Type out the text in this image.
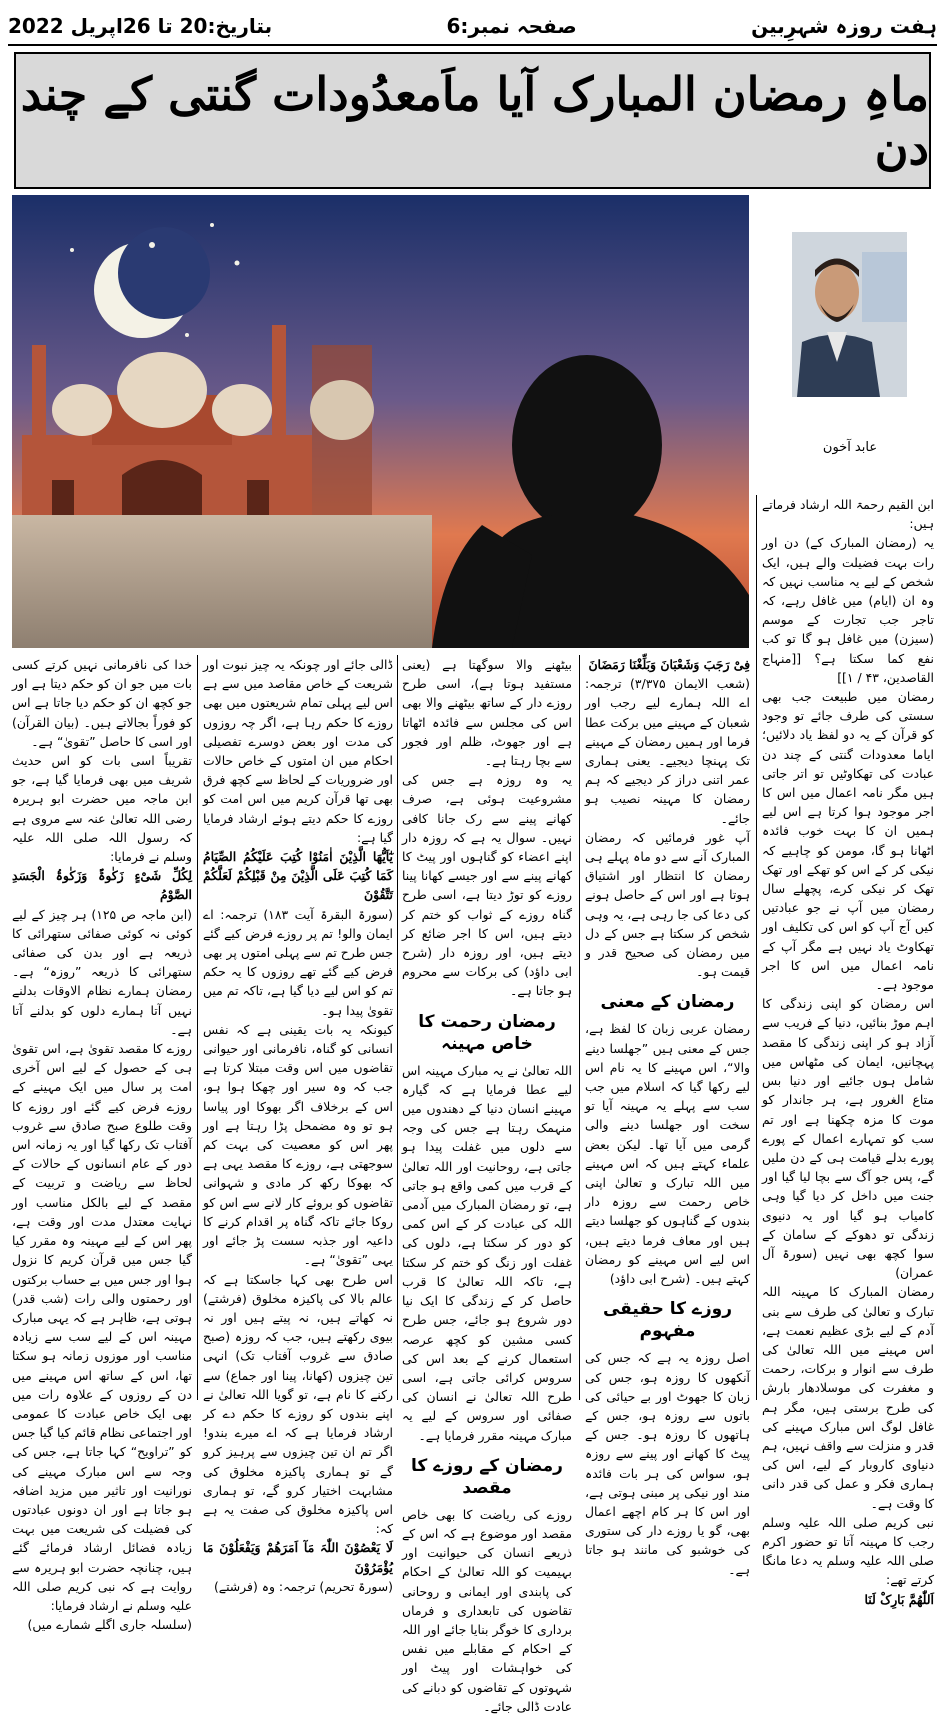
ہفت روزہ شہرِبین
صفحہ نمبر:6
بتاریخ:20 تا 26اپریل 2022
ماہِ رمضان المبارک آیا ماَمعدُودات گنتی کے چند دن
عابد آخون

ابن القیم رحمۃ اللہ ارشاد فرماتے ہیں:

یہ (رمضان المبارک کے) دن اور رات بہت فضیلت والے ہیں، ایک شخص کے لیے یہ مناسب نہیں کہ وہ ان (ایام) میں غافل رہے، کہ تاجر جب تجارت کے موسم (سیزن) میں غافل ہو گا تو کب نفع کما سکتا ہے؟ [[منہاج القاصدین، ۴۳ / ۱]]

رمضان میں طبیعت جب بھی سستی کی طرف جائے تو وجود کو قرآن کے یہ دو لفظ یاد دلائیں؛ ایاما معدودات گنتی کے چند دن عبادت کی تھکاوٹیں تو اتر جاتی ہیں مگر نامہ اعمال میں اس کا اجر موجود ہوا کرتا ہے اس لیے ہمیں ان کا بہت خوب فائدہ اٹھانا ہو گا، مومن کو چاہیے کہ نیکی کر کے اس کو تھکے اور تھک تھک کر نیکی کرے، پچھلے سال رمضان میں آپ نے جو عبادتیں کیں آج آپ کو اس کی تکلیف اور تھکاوٹ یاد نہیں ہے مگر آپ کے نامہ اعمال میں اس کا اجر موجود ہے۔

اس رمضان کو اپنی زندگی کا اہم موڑ بنائیں، دنیا کے فریب سے آزاد ہو کر اپنی زندگی کا مقصد پہچانیں، ایمان کی مٹھاس میں شامل ہوں جائیے اور دنیا بس متاع الغرور ہے، ہر جاندار کو موت کا مزہ چکھنا ہے اور تم سب کو تمہارے اعمال کے پورے پورے بدلے قیامت ہی کے دن ملیں گے، پس جو آگ سے بچا لیا گیا اور جنت میں داخل کر دیا گیا وہی کامیاب ہو گیا اور یہ دنیوی زندگی تو دھوکے کے سامان کے سوا کچھ بھی نہیں (سورۃ آل عمران)

رمضان المبارک کا مہینہ اللہ تبارک و تعالیٰ کی طرف سے بنی آدم کے لیے بڑی عظیم نعمت ہے، اس مہینے میں اللہ تعالیٰ کی طرف سے انوار و برکات، رحمت و مغفرت کی موسلادھار بارش کی طرح برستی ہیں، مگر ہم غافل لوگ اس مبارک مہینے کی قدر و منزلت سے واقف نہیں، ہم دنیاوی کاروبار کے لیے، اس کی ہماری فکر و عمل کی قدر دانی کا وقت ہے۔

نبی کریم صلی اللہ علیہ وسلم رجب کا مہینہ آتا تو حضور اکرم صلی اللہ علیہ وسلم یہ دعا مانگا کرتے تھے:

اَللّٰھُمَّ بَارِکْ لَنَا

فِیْ رَجَبَ وَشَعْبَانَ وَبَلِّغْنَا رَمَضَانَ

(شعب الایمان ۳/۳۷۵) ترجمہ: اے اللہ ہمارے لیے رجب اور شعبان کے مہینے میں برکت عطا فرما اور ہمیں رمضان کے مہینے تک پہنچا دیجیے۔ یعنی ہماری عمر اتنی دراز کر دیجیے کہ ہم رمضان کا مہینہ نصیب ہو جائے۔

آپ غور فرمائیں کہ رمضان المبارک آنے سے دو ماہ پہلے ہی رمضان کا انتظار اور اشتیاق ہوتا ہے اور اس کے حاصل ہونے کی دعا کی جا رہی ہے، یہ وہی شخص کر سکتا ہے جس کے دل میں رمضان کی صحیح قدر و قیمت ہو۔

رمضان کے معنی

رمضان عربی زبان کا لفظ ہے، جس کے معنی ہیں ”جھلسا دینے والا“، اس مہینے کا یہ نام اس لیے رکھا گیا کہ اسلام میں جب سب سے پہلے یہ مہینہ آیا تو سخت اور جھلسا دینے والی گرمی میں آیا تھا۔ لیکن بعض علماء کہتے ہیں کہ اس مہینے میں اللہ تبارک و تعالیٰ اپنی خاص رحمت سے روزہ دار بندوں کے گناہوں کو جھلسا دیتے ہیں اور معاف فرما دیتے ہیں، اس لیے اس مہینے کو رمضان کہتے ہیں۔ (شرح ابی داؤد)

روزے کا حقیقی مفہوم

اصل روزہ یہ ہے کہ جس کی آنکھوں کا روزہ ہو، جس کی زبان کا جھوٹ اور بے حیائی کی باتوں سے روزہ ہو، جس کے ہاتھوں کا روزہ ہو۔ جس کے پیٹ کا کھانے اور پینے سے روزہ ہو، سواس کی ہر بات فائدہ مند اور نیکی پر مبنی ہوتی ہے، اور اس کا ہر کام اچھے اعمال بھی، گو یا روزے دار کی ستوری کی خوشبو کی مانند ہو جاتا ہے۔

بیٹھنے والا سوگھتا ہے (یعنی مستفید ہوتا ہے)، اسی طرح روزے دار کے ساتھ بیٹھنے والا بھی اس کی مجلس سے فائدہ اٹھاتا ہے اور جھوٹ، ظلم اور فجور سے بچا رہتا ہے۔

یہ وہ روزہ ہے جس کی مشروعیت ہوئی ہے، صرف کھانے پینے سے رک جانا کافی نہیں۔ سوال یہ ہے کہ روزہ دار اپنے اعضاء کو گناہوں اور پیٹ کا کھانے پینے سے اور جیسے کھانا پینا روزے کو توڑ دیتا ہے، اسی طرح گناہ روزے کے ثواب کو ختم کر دیتے ہیں، اس کا اجر ضائع کر دیتے ہیں، اور روزہ دار (شرح ابی داؤد) کی برکات سے محروم ہو جاتا ہے۔

رمضان رحمت کا خاص مہینہ

اللہ تعالیٰ نے یہ مبارک مہینہ اس لیے عطا فرمایا ہے کہ گیارہ مہینے انسان دنیا کے دھندوں میں منہمک رہتا ہے جس کی وجہ سے دلوں میں غفلت پیدا ہو جاتی ہے، روحانیت اور اللہ تعالیٰ کے قرب میں کمی واقع ہو جاتی ہے، تو رمضان المبارک میں آدمی اللہ کی عبادت کر کے اس کمی کو دور کر سکتا ہے، دلوں کی غفلت اور زنگ کو ختم کر سکتا ہے، تاکہ اللہ تعالیٰ کا قرب حاصل کر کے زندگی کا ایک نیا دور شروع ہو جائے، جس طرح کسی مشین کو کچھ عرصہ استعمال کرنے کے بعد اس کی سروس کرائی جاتی ہے، اسی طرح اللہ تعالیٰ نے انسان کی صفائی اور سروس کے لیے یہ مبارک مہینہ مقرر فرمایا ہے۔

رمضان کے روزے کا مقصد

روزے کی ریاضت کا بھی خاص مقصد اور موضوع ہے کہ اس کے ذریعے انسان کی حیوانیت اور بہیمیت کو اللہ تعالیٰ کے احکام کی پابندی اور ایمانی و روحانی تقاضوں کی تابعداری و فرماں برداری کا خوگر بنایا جائے اور اللہ کے احکام کے مقابلے میں نفس کی خواہشات اور پیٹ اور شہوتوں کے تقاضوں کو دبانے کی عادت ڈالی جائے۔

ڈالی جائے اور چونکہ یہ چیز نبوت اور شریعت کے خاص مقاصد میں سے ہے اس لیے پہلی تمام شریعتوں میں بھی روزے کا حکم رہا ہے، اگر چہ روزوں کی مدت اور بعض دوسرے تفصیلی احکام میں ان امتوں کے خاص حالات اور ضروریات کے لحاظ سے کچھ فرق بھی تھا قرآن کریم میں اس امت کو روزے کا حکم دیتے ہوئے ارشاد فرمایا گیا ہے:

یٰٓاَیُّھَا الَّذِیْنَ اٰمَنُوْا کُتِبَ عَلَیْکُمُ الصِّیَامُ کَمَا کُتِبَ عَلَی الَّذِیْنَ مِنْ قَبْلِکُمْ لَعَلَّکُمْ تَتَّقُوْنَ

(سورۃ البقرۃ آیت ۱۸۳) ترجمہ: اے ایمان والو! تم پر روزے فرض کیے گئے جس طرح تم سے پہلی امتوں پر بھی فرض کیے گئے تھے روزوں کا یہ حکم تم کو اس لیے دیا گیا ہے، تاکہ تم میں تقویٰ پیدا ہو۔

کیونکہ یہ بات یقینی ہے کہ نفس انسانی کو گناہ، نافرمانی اور حیوانی تقاضوں میں اس وقت مبتلا کرتا ہے جب کہ وہ سیر اور چھکا ہوا ہو، اس کے برخلاف اگر بھوکا اور پیاسا ہو تو وہ مضمحل پڑا رہتا ہے اور پھر اس کو معصیت کی بہت کم سوجھتی ہے، روزے کا مقصد یہی ہے کہ بھوکا رکھ کر مادی و شہوانی تقاضوں کو بروئے کار لانے سے اس کو روکا جائے تاکہ گناہ پر اقدام کرنے کا داعیہ اور جذبہ سست پڑ جائے اور یہی ”تقویٰ“ ہے۔

اس طرح بھی کہا جاسکتا ہے کہ عالم بالا کی پاکیزہ مخلوق (فرشتے) نہ کھاتے ہیں، نہ پیتے ہیں اور نہ بیوی رکھتے ہیں، جب کہ روزہ (صبح صادق سے غروب آفتاب تک) انہی تین چیزوں (کھانا، پینا اور جماع) سے رکنے کا نام ہے، تو گویا اللہ تعالیٰ نے اپنے بندوں کو روزے کا حکم دے کر ارشاد فرمایا ہے کہ اے میرے بندو! اگر تم ان تین چیزوں سے پرہیز کرو گے تو ہماری پاکیزہ مخلوق کی مشابہت اختیار کرو گے، تو ہماری اس پاکیزہ مخلوق کی صفت یہ ہے کہ:

لَا یَعْصُوْنَ اللّٰہَ مَآ اَمَرَھُمْ وَیَفْعَلُوْنَ مَا یُؤْمَرُوْنَ

(سورۃ تحریم) ترجمہ: وہ (فرشتے)

خدا کی نافرمانی نہیں کرتے کسی بات میں جو ان کو حکم دیتا ہے اور جو کچھ ان کو حکم دیا جاتا ہے اس کو فوراً بجالاتے ہیں۔ (بیان القرآن) اور اسی کا حاصل ”تقویٰ“ ہے۔

تقریباً اسی بات کو اس حدیث شریف میں بھی فرمایا گیا ہے، جو ابن ماجہ میں حضرت ابو ہریرہ رضی اللہ تعالیٰ عنہ سے مروی ہے کہ رسول اللہ صلی اللہ علیہ وسلم نے فرمایا:

لِکُلِّ شَیْءٍ زَکٰوۃٌ وَزَکٰوۃُ الْجَسَدِ الصَّوْمُ

(ابن ماجہ ص ۱۲۵) ہر چیز کے لیے کوئی نہ کوئی صفائی ستھرائی کا ذریعہ ہے اور بدن کی صفائی ستھرائی کا ذریعہ ”روزہ“ ہے۔ رمضان ہمارے نظام الاوقات بدلنے نہیں آتا ہمارے دلوں کو بدلنے آتا ہے۔

روزے کا مقصد تقویٰ ہے، اس تقویٰ ہی کے حصول کے لیے اس آخری امت پر سال میں ایک مہینے کے روزے فرض کیے گئے اور روزے کا وقت طلوع صبح صادق سے غروب آفتاب تک رکھا گیا اور یہ زمانہ اس دور کے عام انسانوں کے حالات کے لحاظ سے ریاضت و تربیت کے مقصد کے لیے بالکل مناسب اور نہایت معتدل مدت اور وقت ہے، پھر اس کے لیے مہینہ وہ مقرر کیا گیا جس میں قرآن کریم کا نزول ہوا اور جس میں بے حساب برکتوں اور رحمتوں والی رات (شب قدر) ہوتی ہے، ظاہر ہے کہ یہی مبارک مہینہ اس کے لیے سب سے زیادہ مناسب اور موزوں زمانہ ہو سکتا تھا، اس کے ساتھ اس مہینے میں دن کے روزوں کے علاوہ رات میں بھی ایک خاص عبادت کا عمومی اور اجتماعی نظام قائم کیا گیا جس کو ”تراویح“ کہا جاتا ہے، جس کی وجہ سے اس مبارک مہینے کی نورانیت اور تاثیر میں مزید اضافہ ہو جاتا ہے اور ان دونوں عبادتوں کی فضیلت کی شریعت میں بہت زیادہ فضائل ارشاد فرمائے گئے ہیں، چنانچہ حضرت ابو ہریرہ سے روایت ہے کہ نبی کریم صلی اللہ علیہ وسلم نے ارشاد فرمایا:

(سلسلہ جاری اگلے شمارے میں)
